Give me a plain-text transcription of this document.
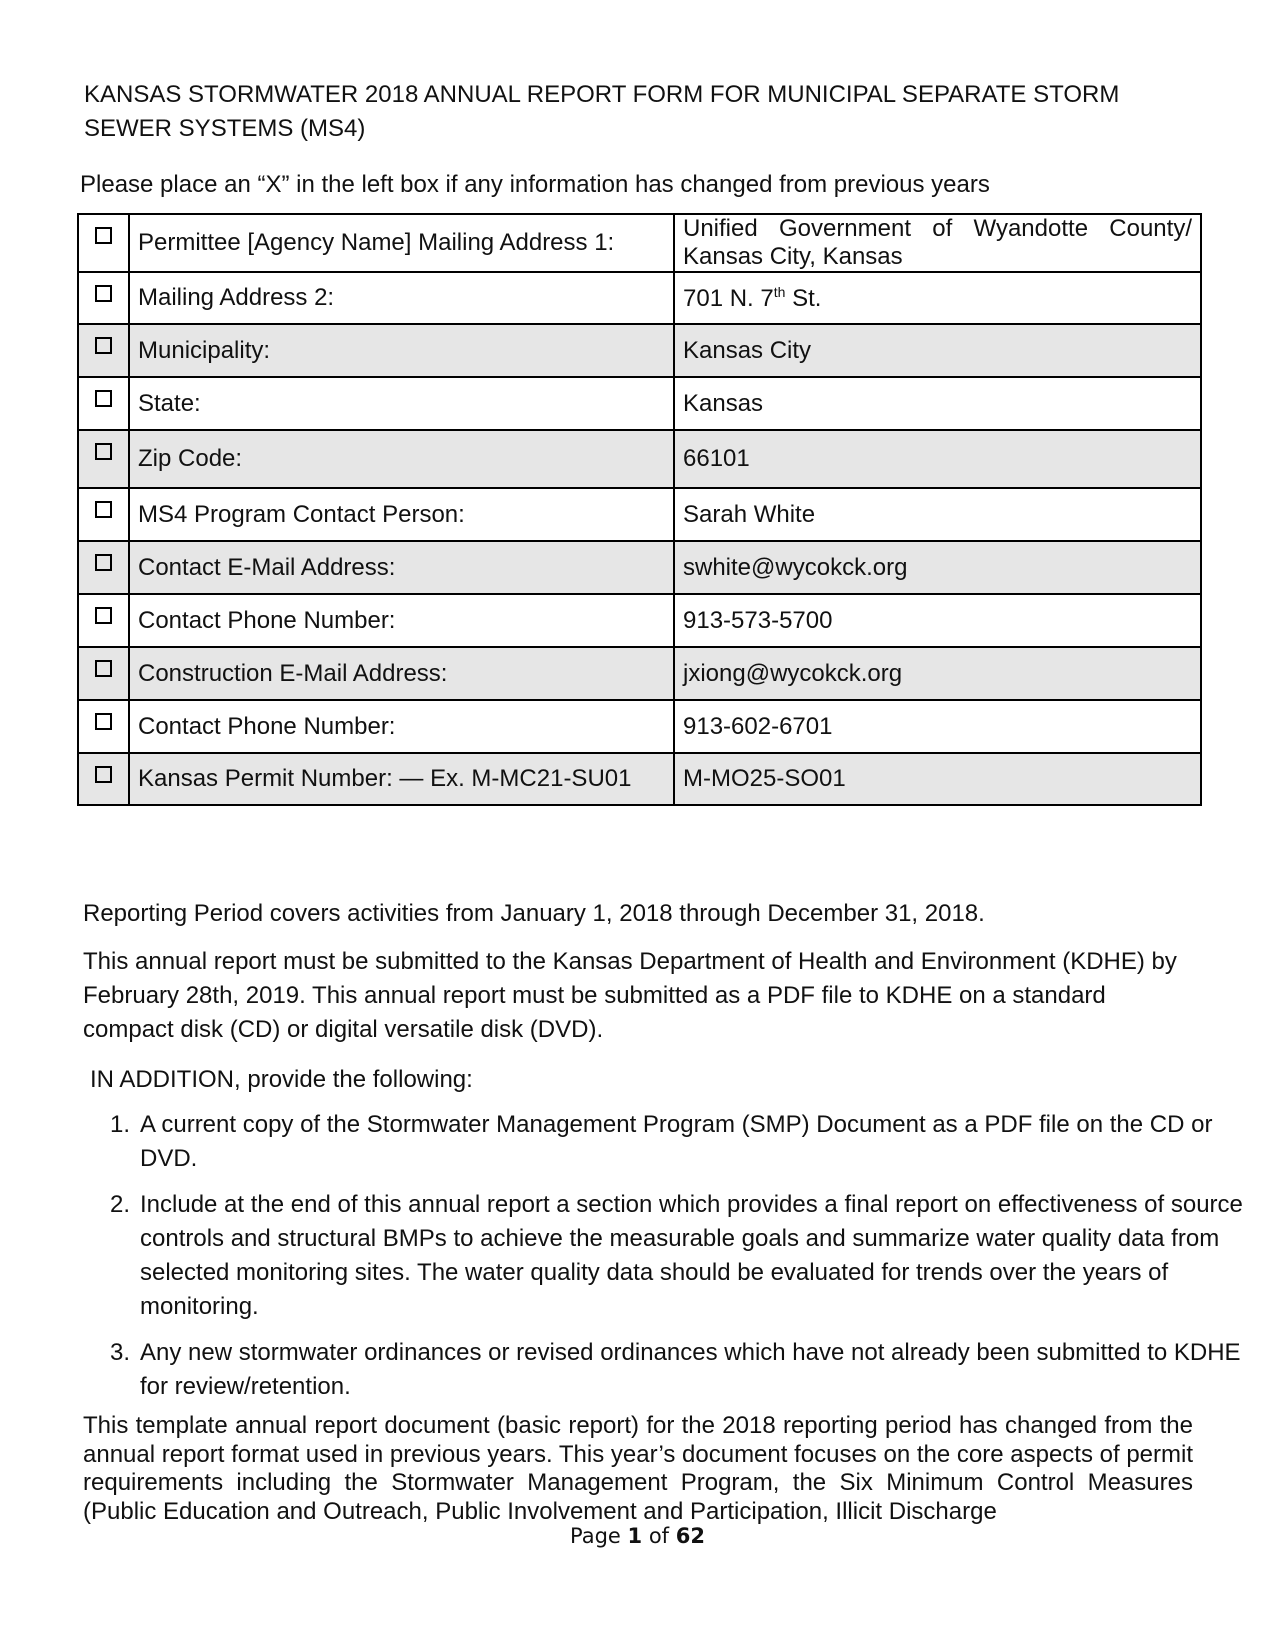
KANSAS STORMWATER 2018 ANNUAL REPORT FORM FOR MUNICIPAL SEPARATE STORM SEWER SYSTEMS (MS4)
Please place an “X” in the left box if any information has changed from previous years
	Permittee [Agency Name] Mailing Address 1:	Unified Government of Wyandotte County/ Kansas City, Kansas
	Mailing Address 2:	701 N. 7th St.
	Municipality:	Kansas City
	State:	Kansas
	Zip Code:	66101
	MS4 Program Contact Person:	Sarah White
	Contact E-Mail Address:	swhite@wycokck.org
	Contact Phone Number:	913-573-5700
	Construction E-Mail Address:	jxiong@wycokck.org
	Contact Phone Number:	913-602-6701
	Kansas Permit Number: — Ex. M-MC21-SU01	M-MO25-SO01
Reporting Period covers activities from January 1, 2018 through December 31, 2018.
This annual report must be submitted to the Kansas Department of Health and Environment (KDHE) by February 28th, 2019. This annual report must be submitted as a PDF file to KDHE on a standard compact disk (CD) or digital versatile disk (DVD).
IN ADDITION, provide the following:
1. A current copy of the Stormwater Management Program (SMP) Document as a PDF file on the CD or DVD.
2. Include at the end of this annual report a section which provides a final report on effectiveness of source controls and structural BMPs to achieve the measurable goals and summarize water quality data from selected monitoring sites. The water quality data should be evaluated for trends over the years of monitoring.
3. Any new stormwater ordinances or revised ordinances which have not already been submitted to KDHE for review/retention.
This template annual report document (basic report) for the 2018 reporting period has changed from the annual report format used in previous years. This year’s document focuses on the core aspects of permit requirements including the Stormwater Management Program, the Six Minimum Control Measures (Public Education and Outreach, Public Involvement and Participation, Illicit Discharge
Page 1 of 62
